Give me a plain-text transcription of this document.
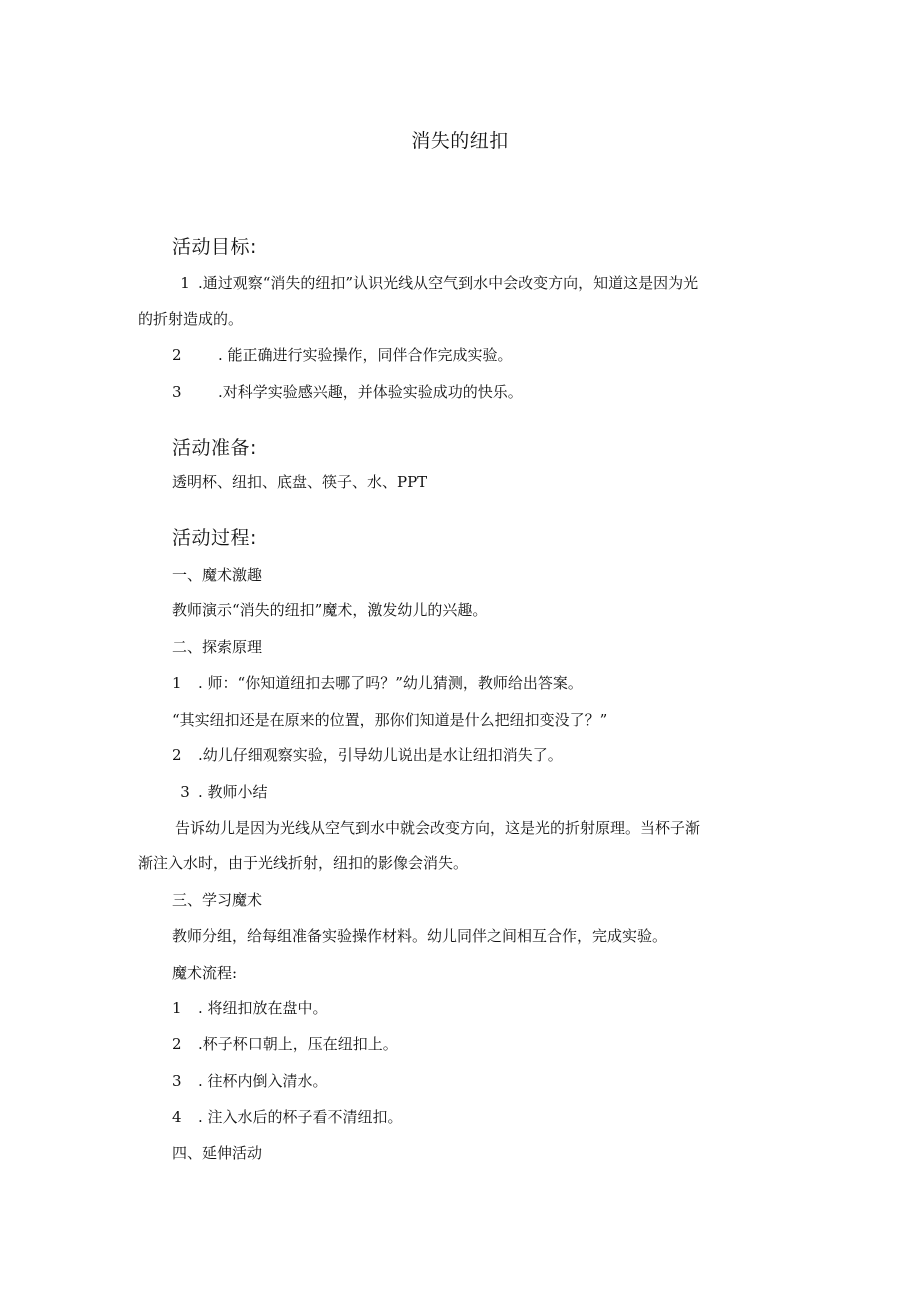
消失的纽扣
活动目标:
1 .通过观察“消失的纽扣”认识光线从空气到水中会改变方向，知道这是因为光
的折射造成的。
2 . 能正确进行实验操作，同伴合作完成实验。
3 .对科学实验感兴趣，并体验实验成功的快乐。
活动准备:
透明杯、纽扣、底盘、筷子、水、PPT
活动过程:
一、魔术激趣
教师演示“消失的纽扣”魔术，激发幼儿的兴趣。
二、探索原理
1 . 师：“你知道纽扣去哪了吗？”幼儿猜测，教师给出答案。
“其实纽扣还是在原来的位置，那你们知道是什么把纽扣变没了？”
2 .幼儿仔细观察实验，引导幼儿说出是水让纽扣消失了。
3 . 教师小结
告诉幼儿是因为光线从空气到水中就会改变方向，这是光的折射原理。当杯子渐
渐注入水时，由于光线折射，纽扣的影像会消失。
三、学习魔术
教师分组，给每组准备实验操作材料。幼儿同伴之间相互合作，完成实验。
魔术流程:
1 . 将纽扣放在盘中。
2 .杯子杯口朝上，压在纽扣上。
3 . 往杯内倒入清水。
4 . 注入水后的杯子看不清纽扣。
四、延伸活动
